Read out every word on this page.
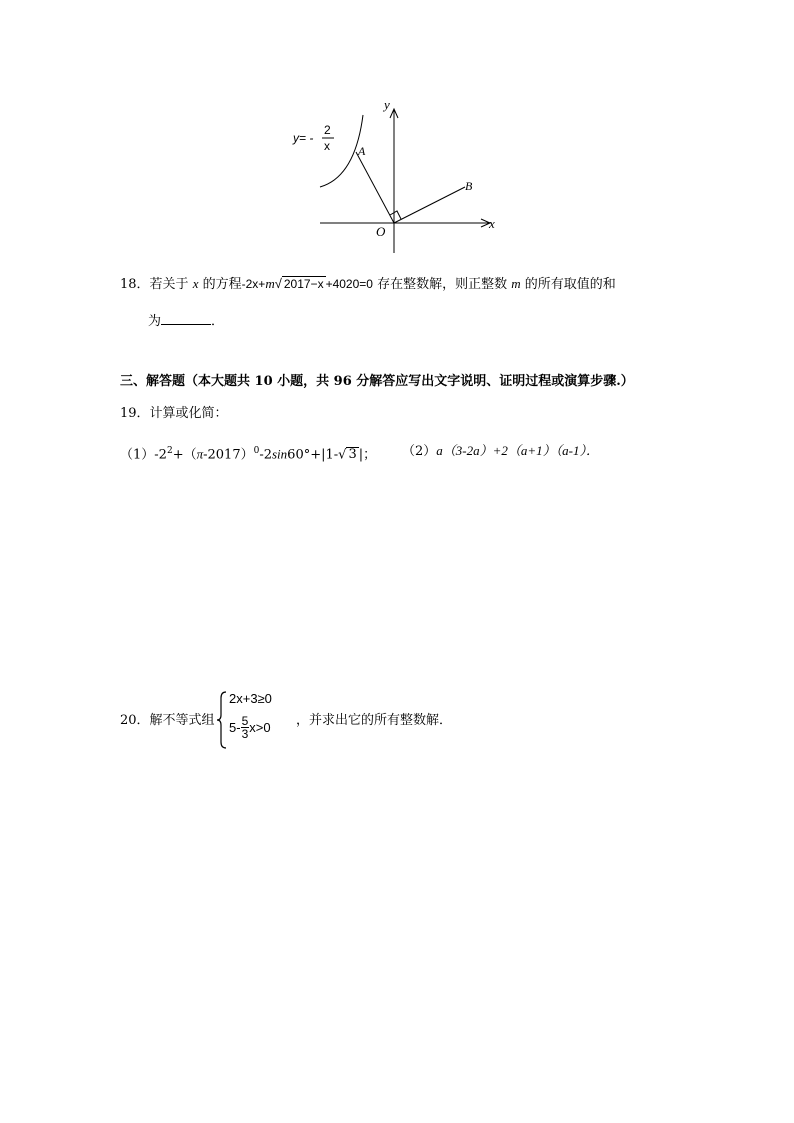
y
x
O
A
B
y= -
2
x
18．若关于 x 的方程-2x+m√ 2017−x +4020=0 存在整数解，则正整数 m 的所有取值的和
为	．
三、解答题（本大题共 10 小题，共 96 分解答应写出文字说明、证明过程或演算步骤.）
19．计算或化简：
$(1)-2^2+(\pi-2017)^0-2\sin 60^\circ+|1-√$ 3 |； （2）a（3-2a）+2（a+1）（a-1）．
20．解不等式组
2x+3≥0
$5- \frac{5}{3} x>0$ ，并求出它的所有整数解．
